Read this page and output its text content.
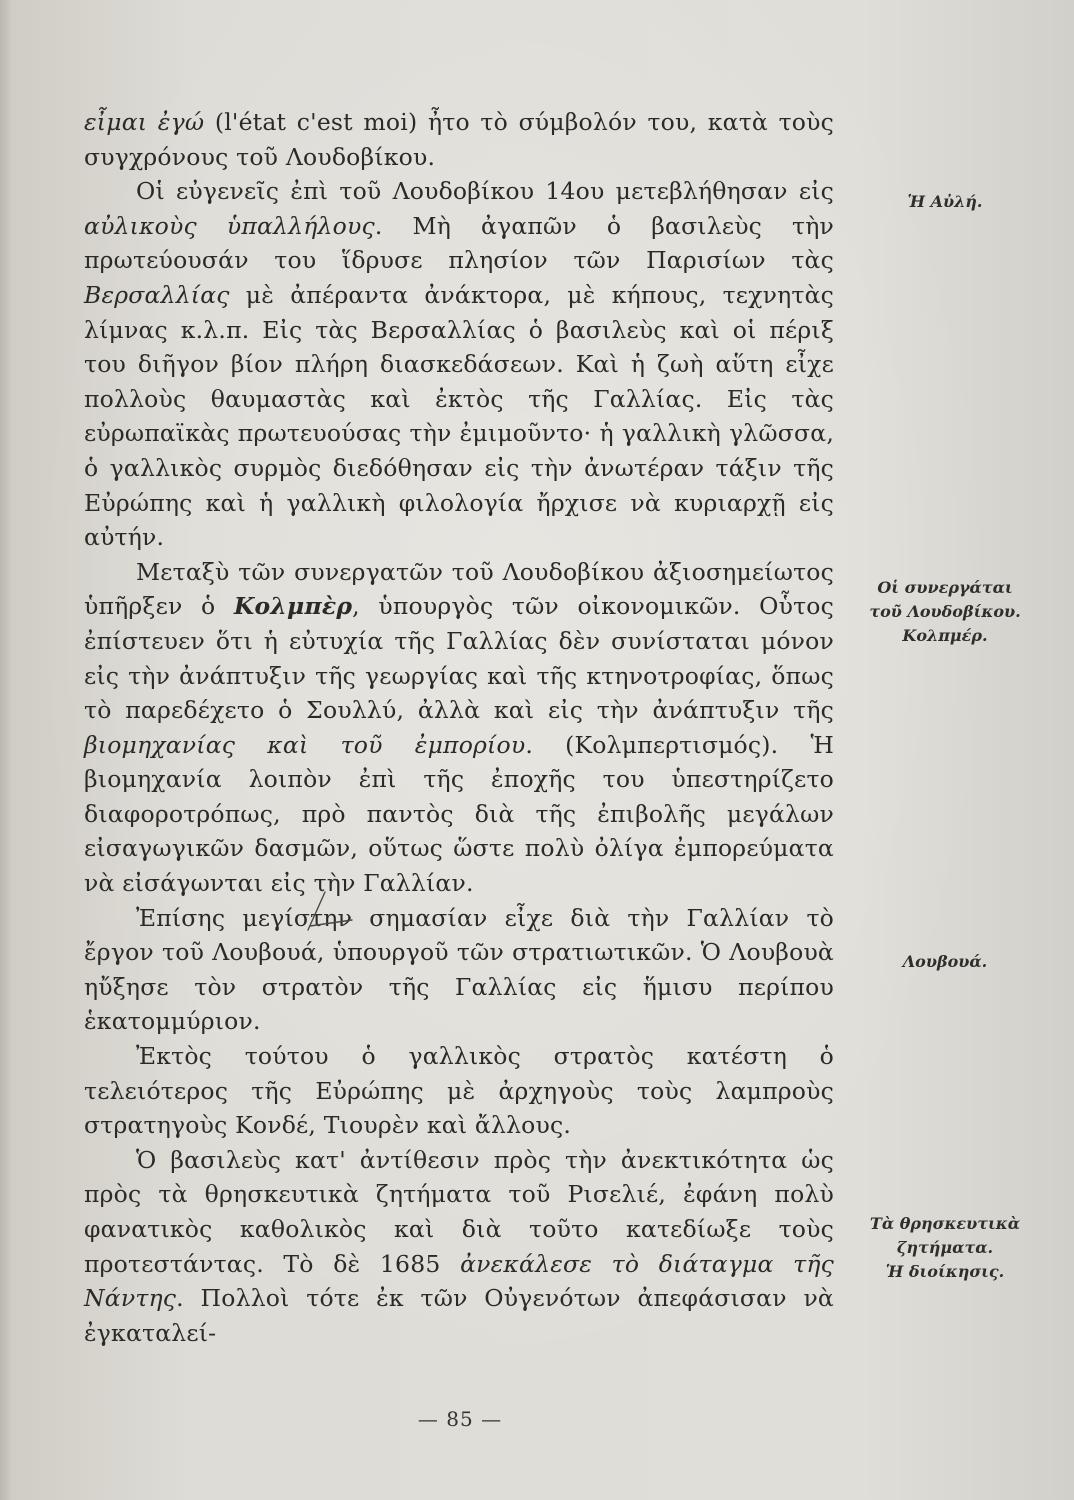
εἶμαι ἐγώ (l'état c'est moi) ἦτο τὸ σύμβολόν του, κατὰ τοὺς συγχρόνους τοῦ Λουδοβίκου.

Οἱ εὐγενεῖς ἐπὶ τοῦ Λουδοβίκου 14ου μετεβλήθησαν εἰς αὐλικοὺς ὑπαλλήλους. Μὴ ἀγαπῶν ὁ βασιλεὺς τὴν πρωτεύουσάν του ἵδρυσε πλησίον τῶν Παρισίων τὰς Βερσαλλίας μὲ ἀπέραντα ἀνάκτορα, μὲ κήπους, τεχνητὰς λίμνας κ.λ.π. Εἰς τὰς Βερσαλλίας ὁ βασιλεὺς καὶ οἱ πέριξ του διῆγον βίον πλήρη διασκεδάσεων. Καὶ ἡ ζωὴ αὕτη εἶχε πολλοὺς θαυμαστὰς καὶ ἐκτὸς τῆς Γαλλίας. Εἰς τὰς εὐρωπαϊκὰς πρωτευούσας τὴν ἐμιμοῦντο· ἡ γαλλικὴ γλῶσσα, ὁ γαλλικὸς συρμὸς διεδόθησαν εἰς τὴν ἀνωτέραν τάξιν τῆς Εὐρώπης καὶ ἡ γαλλικὴ φιλολογία ἤρχισε νὰ κυριαρχῇ εἰς αὐτήν.

Μεταξὺ τῶν συνεργατῶν τοῦ Λουδοβίκου ἀξιοσημείωτος ὑπῆρξεν ὁ Κολμπὲρ, ὑπουργὸς τῶν οἰκονομικῶν. Οὗτος ἐπίστευεν ὅτι ἡ εὐτυχία τῆς Γαλλίας δὲν συνίσταται μόνον εἰς τὴν ἀνάπτυξιν τῆς γεωργίας καὶ τῆς κτηνοτροφίας, ὅπως τὸ παρεδέχετο ὁ Σουλλύ, ἀλλὰ καὶ εἰς τὴν ἀνάπτυξιν τῆς βιομηχανίας καὶ τοῦ ἐμπορίου. (Κολμπερτισμός). Ἡ βιομηχανία λοιπὸν ἐπὶ τῆς ἐποχῆς του ὑπεστηρίζετο διαφοροτρόπως, πρὸ παντὸς διὰ τῆς ἐπιβολῆς μεγάλων εἰσαγωγικῶν δασμῶν, οὕτως ὥστε πολὺ ὀλίγα ἐμπορεύματα νὰ εἰσάγωνται εἰς τὴν Γαλλίαν.

Ἐπίσης μεγίστην σημασίαν εἶχε διὰ τὴν Γαλλίαν τὸ ἔργον τοῦ Λουβουά, ὑπουργοῦ τῶν στρατιωτικῶν. Ὁ Λουβουὰ ηὔξησε τὸν στρατὸν τῆς Γαλλίας εἰς ἥμισυ περίπου ἑκατομμύριον.

Ἐκτὸς τούτου ὁ γαλλικὸς στρατὸς κατέστη ὁ τελειότερος τῆς Εὐρώπης μὲ ἀρχηγοὺς τοὺς λαμπροὺς στρατηγοὺς Κονδέ, Τιουρὲν καὶ ἄλλους.

Ὁ βασιλεὺς κατ' ἀντίθεσιν πρὸς τὴν ἀνεκτικότητα ὡς πρὸς τὰ θρησκευτικὰ ζητήματα τοῦ Ρισελιέ, ἐφάνη πολὺ φανατικὸς καθολικὸς καὶ διὰ τοῦτο κατεδίωξε τοὺς προτεστάντας. Τὸ δὲ 1685 ἀνεκάλεσε τὸ διάταγμα τῆς Νάντης. Πολλοὶ τότε ἐκ τῶν Οὐγενότων ἀπεφάσισαν νὰ ἐγκαταλεί-

Ἡ Αὐλή.
Οἱ συνεργάται
τοῦ Λουδοβίκου.
Κολπμέρ.
Λουβουά.
Τὰ θρησκευτικὰ
ζητήματα.
Ἡ διοίκησις.
— 85 —
